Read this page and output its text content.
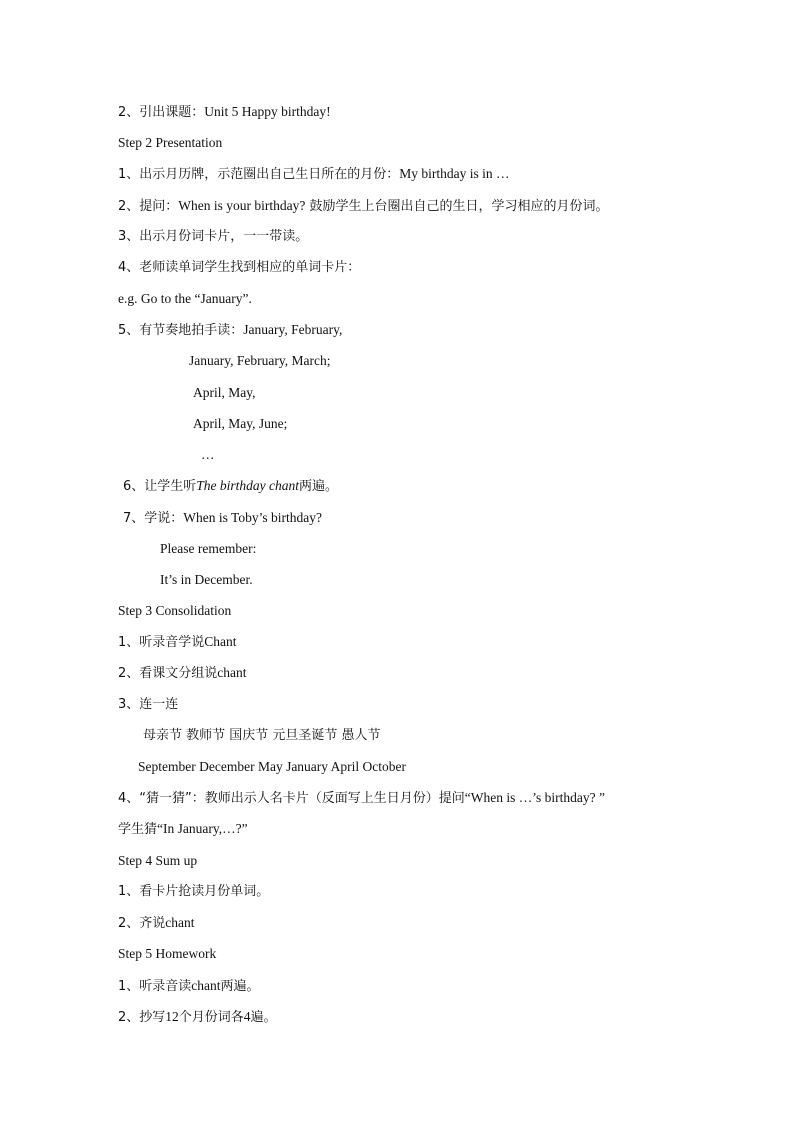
2、引出课题：Unit 5 Happy birthday!
Step 2 Presentation
1、出示月历牌，示范圈出自己生日所在的月份：My birthday is in …
2、提问：When is your birthday? 鼓励学生上台圈出自己的生日，学习相应的月份词。
3、出示月份词卡片，一一带读。
4、老师读单词学生找到相应的单词卡片：
e.g. Go to the “January”.
5、有节奏地拍手读：January, February,
January, February, March;
April, May,
April, May, June;
…
6、让学生听The birthday chant两遍。
7、学说：When is Toby’s birthday?
Please remember:
It’s in December.
Step 3 Consolidation
1、听录音学说Chant
2、看课文分组说chant
3、连一连
母亲节 教师节 国庆节 元旦圣诞节 愚人节
September December May January April October
4、“猜一猜”：教师出示人名卡片（反面写上生日月份）提问“When is …’s birthday? ”
学生猜“In January,…?”
Step 4 Sum up
1、看卡片抢读月份单词。
2、齐说chant
Step 5 Homework
1、听录音读chant两遍。
2、抄写12个月份词各4遍。
